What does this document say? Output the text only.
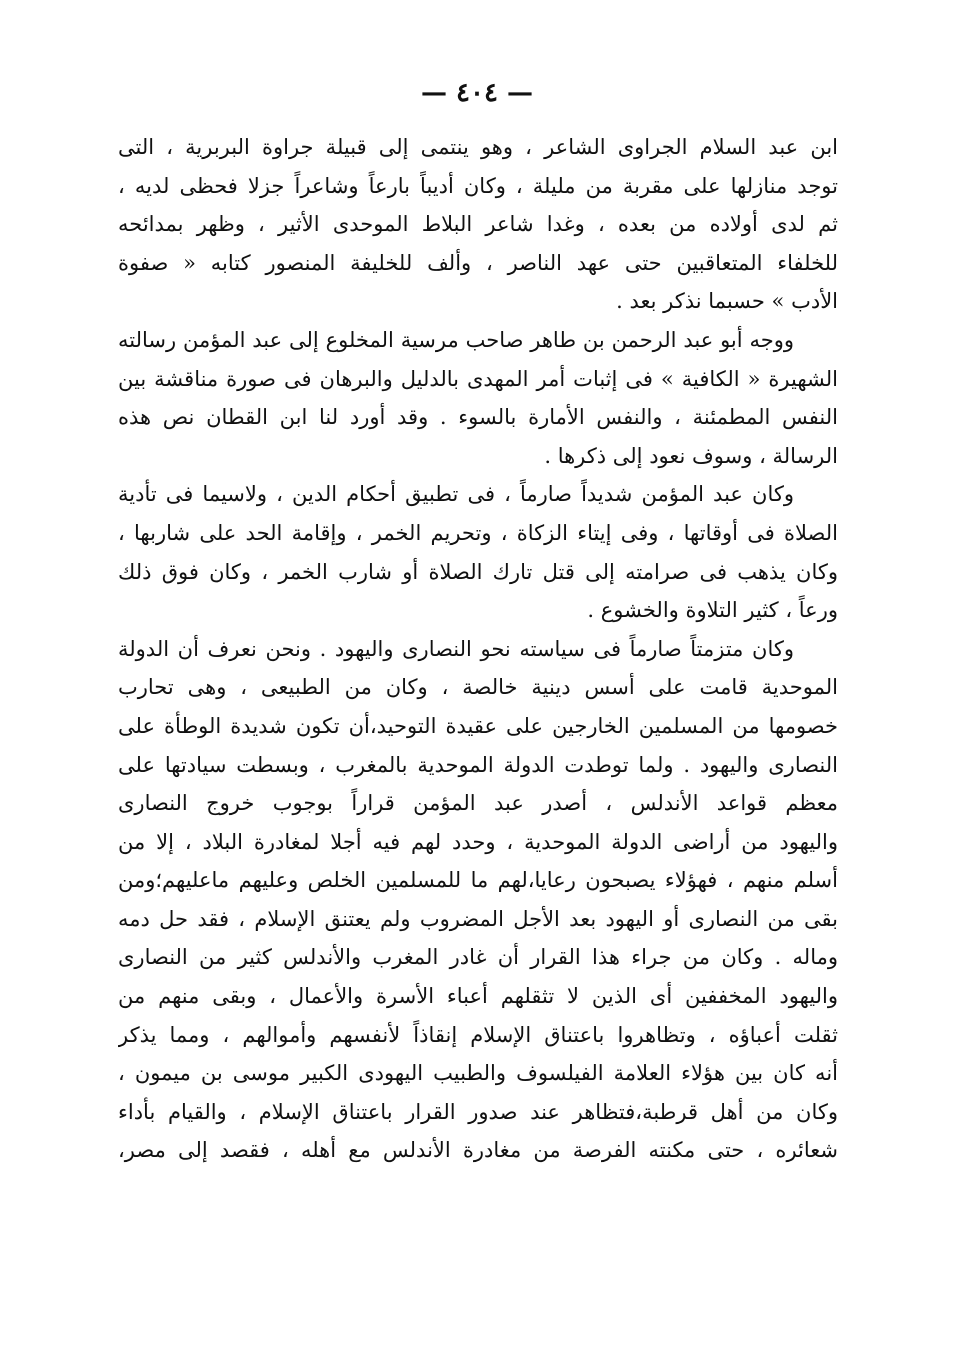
— ٤٠٤ —
ابن عبد السلام الجراوى الشاعر ، وهو ينتمى إلى قبيلة جراوة البربرية ، التى
توجد منازلها على مقربة من مليلة ، وكان أديباً بارعاً وشاعراً جزلا فحظى لديه ،
ثم لدى أولاده من بعده ، وغدا شاعر البلاط الموحدى الأثير ، وظهر بمدائحه
للخلفاء المتعاقبين حتى عهد الناصر ، وألف للخليفة المنصور كتابه « صفوة
الأدب » حسبما نذكر بعد .
ووجه أبو عبد الرحمن بن طاهر صاحب مرسية المخلوع إلى عبد المؤمن رسالته
الشهيرة « الكافية » فى إثبات أمر المهدى بالدليل والبرهان فى صورة مناقشة بين
النفس المطمئنة ، والنفس الأمارة بالسوء . وقد أورد لنا ابن القطان نص هذه
الرسالة ، وسوف نعود إلى ذكرها .
وكان عبد المؤمن شديداً صارماً ، فى تطبيق أحكام الدين ، ولاسيما فى تأدية
الصلاة فى أوقاتها ، وفى إيتاء الزكاة ، وتحريم الخمر ، وإقامة الحد على شاربها ،
وكان يذهب فى صرامته إلى قتل تارك الصلاة أو شارب الخمر ، وكان فوق ذلك
ورعاً ، كثير التلاوة والخشوع .
وكان متزمتاً صارماً فى سياسته نحو النصارى واليهود . ونحن نعرف أن الدولة
الموحدية قامت على أسس دينية خالصة ، وكان من الطبيعى ، وهى تحارب
خصومها من المسلمين الخارجين على عقيدة التوحيد،أن تكون شديدة الوطأة على
النصارى واليهود . ولما توطدت الدولة الموحدية بالمغرب ، وبسطت سيادتها على
معظم قواعد الأندلس ، أصدر عبد المؤمن قراراً بوجوب خروج النصارى
واليهود من أراضى الدولة الموحدية ، وحدد لهم فيه أجلا لمغادرة البلاد ، إلا من
أسلم منهم ، فهؤلاء يصبحون رعايا،لهم ما للمسلمين الخلص وعليهم ماعليهم؛ومن
بقى من النصارى أو اليهود بعد الأجل المضروب ولم يعتنق الإسلام ، فقد حل دمه
وماله . وكان من جراء هذا القرار أن غادر المغرب والأندلس كثير من النصارى
واليهود المخففين أى الذين لا تثقلهم أعباء الأسرة والأعمال ، وبقى منهم من
ثقلت أعباؤه ، وتظاهروا باعتناق الإسلام إنقاذاً لأنفسهم وأموالهم ، ومما يذكر
أنه كان بين هؤلاء العلامة الفيلسوف والطبيب اليهودى الكبير موسى بن ميمون ،
وكان من أهل قرطبة،فتظاهر عند صدور القرار باعتناق الإسلام ، والقيام بأداء
شعائره ، حتى مكنته الفرصة من مغادرة الأندلس مع أهله ، فقصد إلى مصر،
